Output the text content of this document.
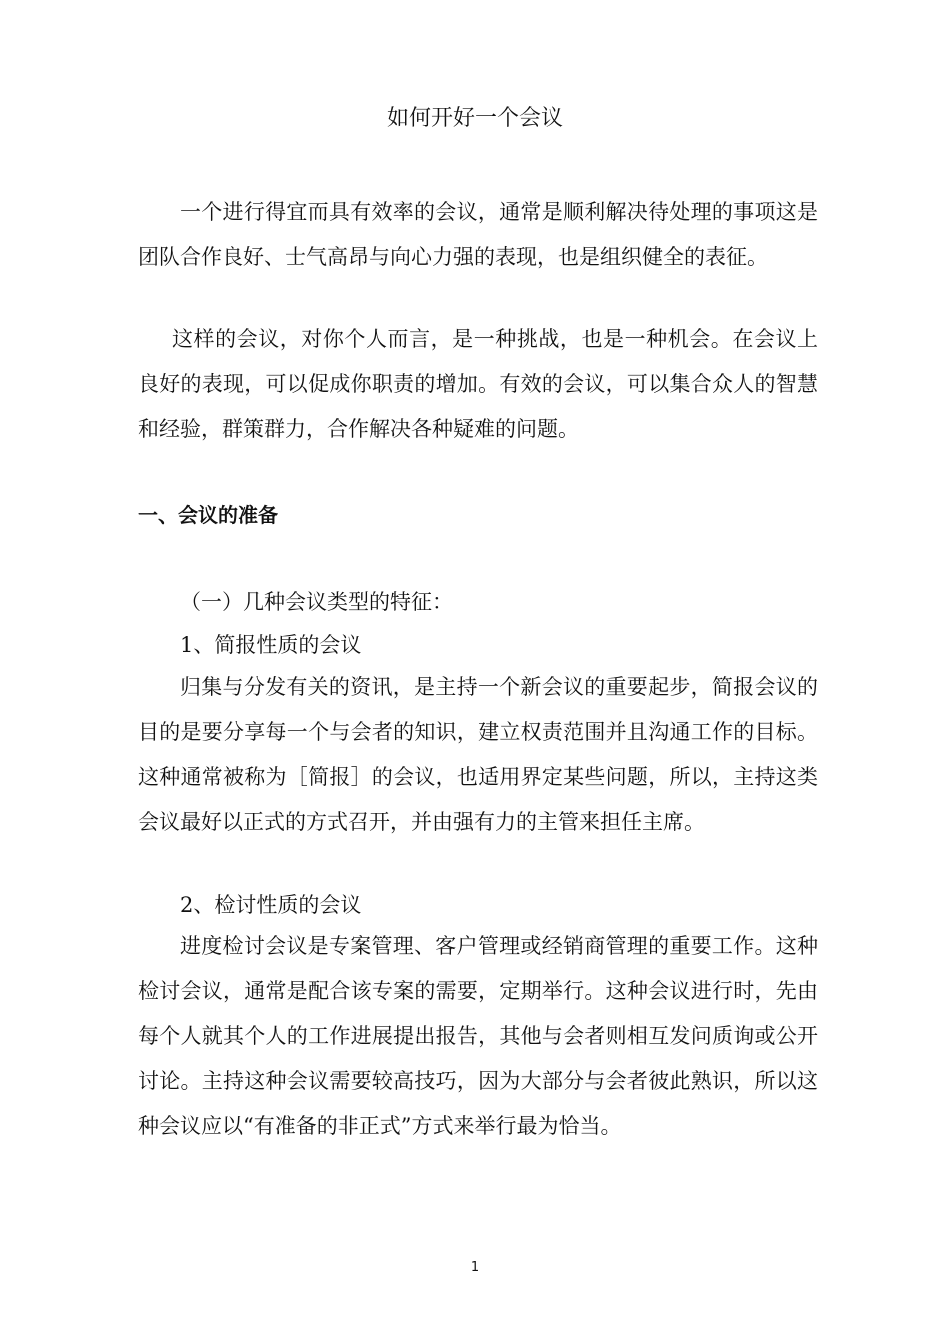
如何开好一个会议

一个进行得宜而具有效率的会议，通常是顺利解决待处理的事项这是团队合作良好、士气高昂与向心力强的表现，也是组织健全的表征。

这样的会议，对你个人而言，是一种挑战，也是一种机会。在会议上良好的表现，可以促成你职责的增加。有效的会议，可以集合众人的智慧和经验，群策群力，合作解决各种疑难的问题。

一、会议的准备

（一）几种会议类型的特征：

1、简报性质的会议

归集与分发有关的资讯，是主持一个新会议的重要起步，简报会议的目的是要分享每一个与会者的知识，建立权责范围并且沟通工作的目标。这种通常被称为［简报］的会议，也适用界定某些问题，所以，主持这类会议最好以正式的方式召开，并由强有力的主管来担任主席。

2、检讨性质的会议

进度检讨会议是专案管理、客户管理或经销商管理的重要工作。这种检讨会议，通常是配合该专案的需要，定期举行。这种会议进行时，先由每个人就其个人的工作进展提出报告，其他与会者则相互发问质询或公开讨论。主持这种会议需要较高技巧，因为大部分与会者彼此熟识，所以这种会议应以“有准备的非正式”方式来举行最为恰当。

1
